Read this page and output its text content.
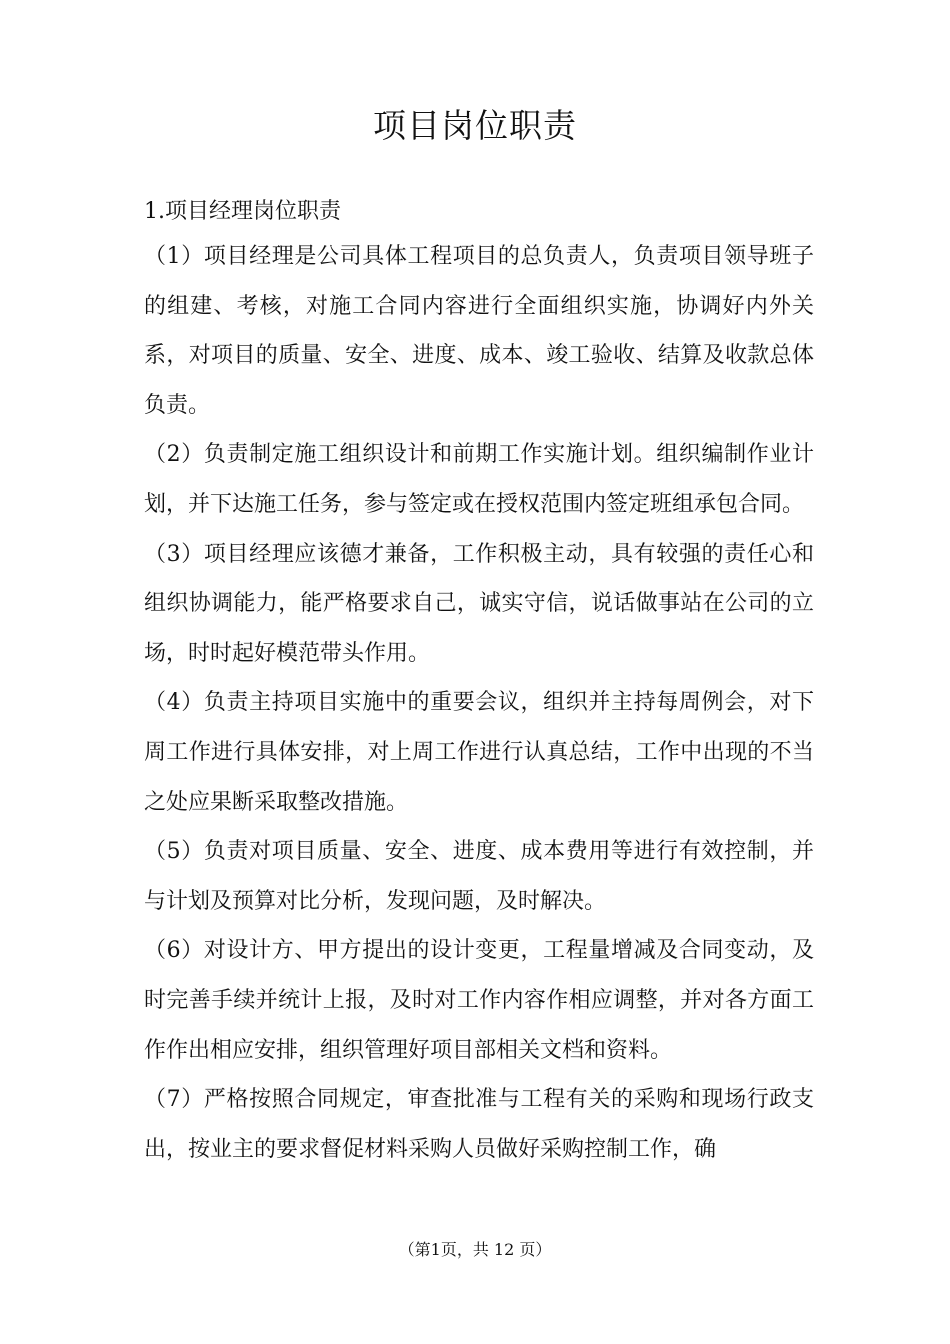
项目岗位职责
1.项目经理岗位职责

（1）项目经理是公司具体工程项目的总负责人，负责项目领导班子的组建、考核，对施工合同内容进行全面组织实施，协调好内外关系，对项目的质量、安全、进度、成本、竣工验收、结算及收款总体负责。

（2）负责制定施工组织设计和前期工作实施计划。组织编制作业计划，并下达施工任务，参与签定或在授权范围内签定班组承包合同。

（3）项目经理应该德才兼备，工作积极主动，具有较强的责任心和组织协调能力，能严格要求自己，诚实守信，说话做事站在公司的立场，时时起好模范带头作用。

（4）负责主持项目实施中的重要会议，组织并主持每周例会，对下周工作进行具体安排，对上周工作进行认真总结，工作中出现的不当之处应果断采取整改措施。

（5）负责对项目质量、安全、进度、成本费用等进行有效控制，并与计划及预算对比分析，发现问题，及时解决。

（6）对设计方、甲方提出的设计变更，工程量增减及合同变动，及时完善手续并统计上报，及时对工作内容作相应调整，并对各方面工作作出相应安排，组织管理好项目部相关文档和资料。

（7）严格按照合同规定，审查批准与工程有关的采购和现场行政支出，按业主的要求督促材料采购人员做好采购控制工作，确

（第1页，共 12 页）
